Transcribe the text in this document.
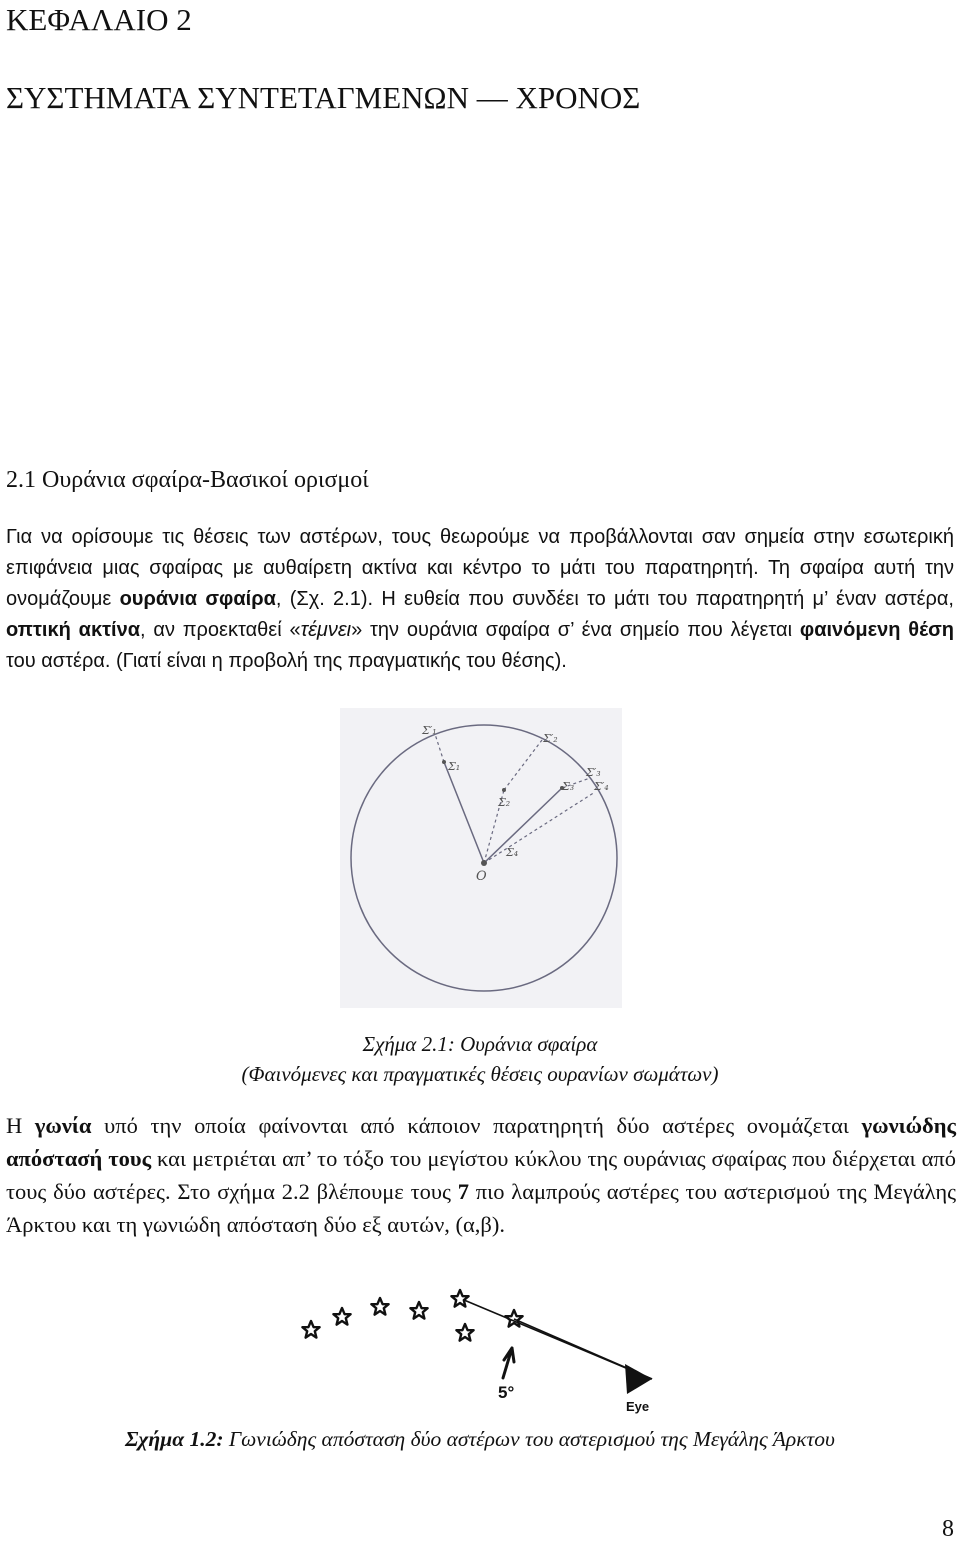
ΚΕΦΑΛΑΙΟ 2
ΣΥΣΤΗΜΑΤΑ ΣΥΝΤΕΤΑΓΜΕΝΩΝ — ΧΡΟΝΟΣ
2.1 Ουράνια σφαίρα-Βασικοί ορισμοί
Για να ορίσουμε τις θέσεις των αστέρων, τους θεωρούμε να προβάλλονται σαν σημεία στην εσωτερική επιφάνεια μιας σφαίρας με αυθαίρετη ακτίνα και κέντρο το μάτι του παρατηρητή. Τη σφαίρα αυτή την ονομάζουμε ουράνια σφαίρα, (Σχ. 2.1). Η ευθεία που συνδέει το μάτι του παρατηρητή μ’ έναν αστέρα, οπτική ακτίνα, αν προεκταθεί «τέμνει» την ουράνια σφαίρα σ’ ένα σημείο που λέγεται φαινόμενη θέση του αστέρα. (Γιατί είναι η προβολή της πραγματικής του θέσης).
Σ′₁
Σ₁
Σ′₂
Σ₂
Σ′₃
Σ₃
Σ₄
Σ′₄
O
Σχήμα 2.1: Ουράνια σφαίρα
(Φαινόμενες και πραγματικές θέσεις ουρανίων σωμάτων)
Η γωνία υπό την οποία φαίνονται από κάποιον παρατηρητή δύο αστέρες ονομάζεται γωνιώδης απόστασή τους και μετριέται απ’ το τόξο του μεγίστου κύκλου της ουράνιας σφαίρας που διέρχεται από τους δύο αστέρες. Στο σχήμα 2.2 βλέπουμε τους 7 πιο λαμπρούς αστέρες του αστερισμού της Μεγάλης Άρκτου και τη γωνιώδη απόσταση δύο εξ αυτών, (α,β).
5°
Eye
Σχήμα 1.2: Γωνιώδης απόσταση δύο αστέρων του αστερισμού της Μεγάλης Άρκτου
8
